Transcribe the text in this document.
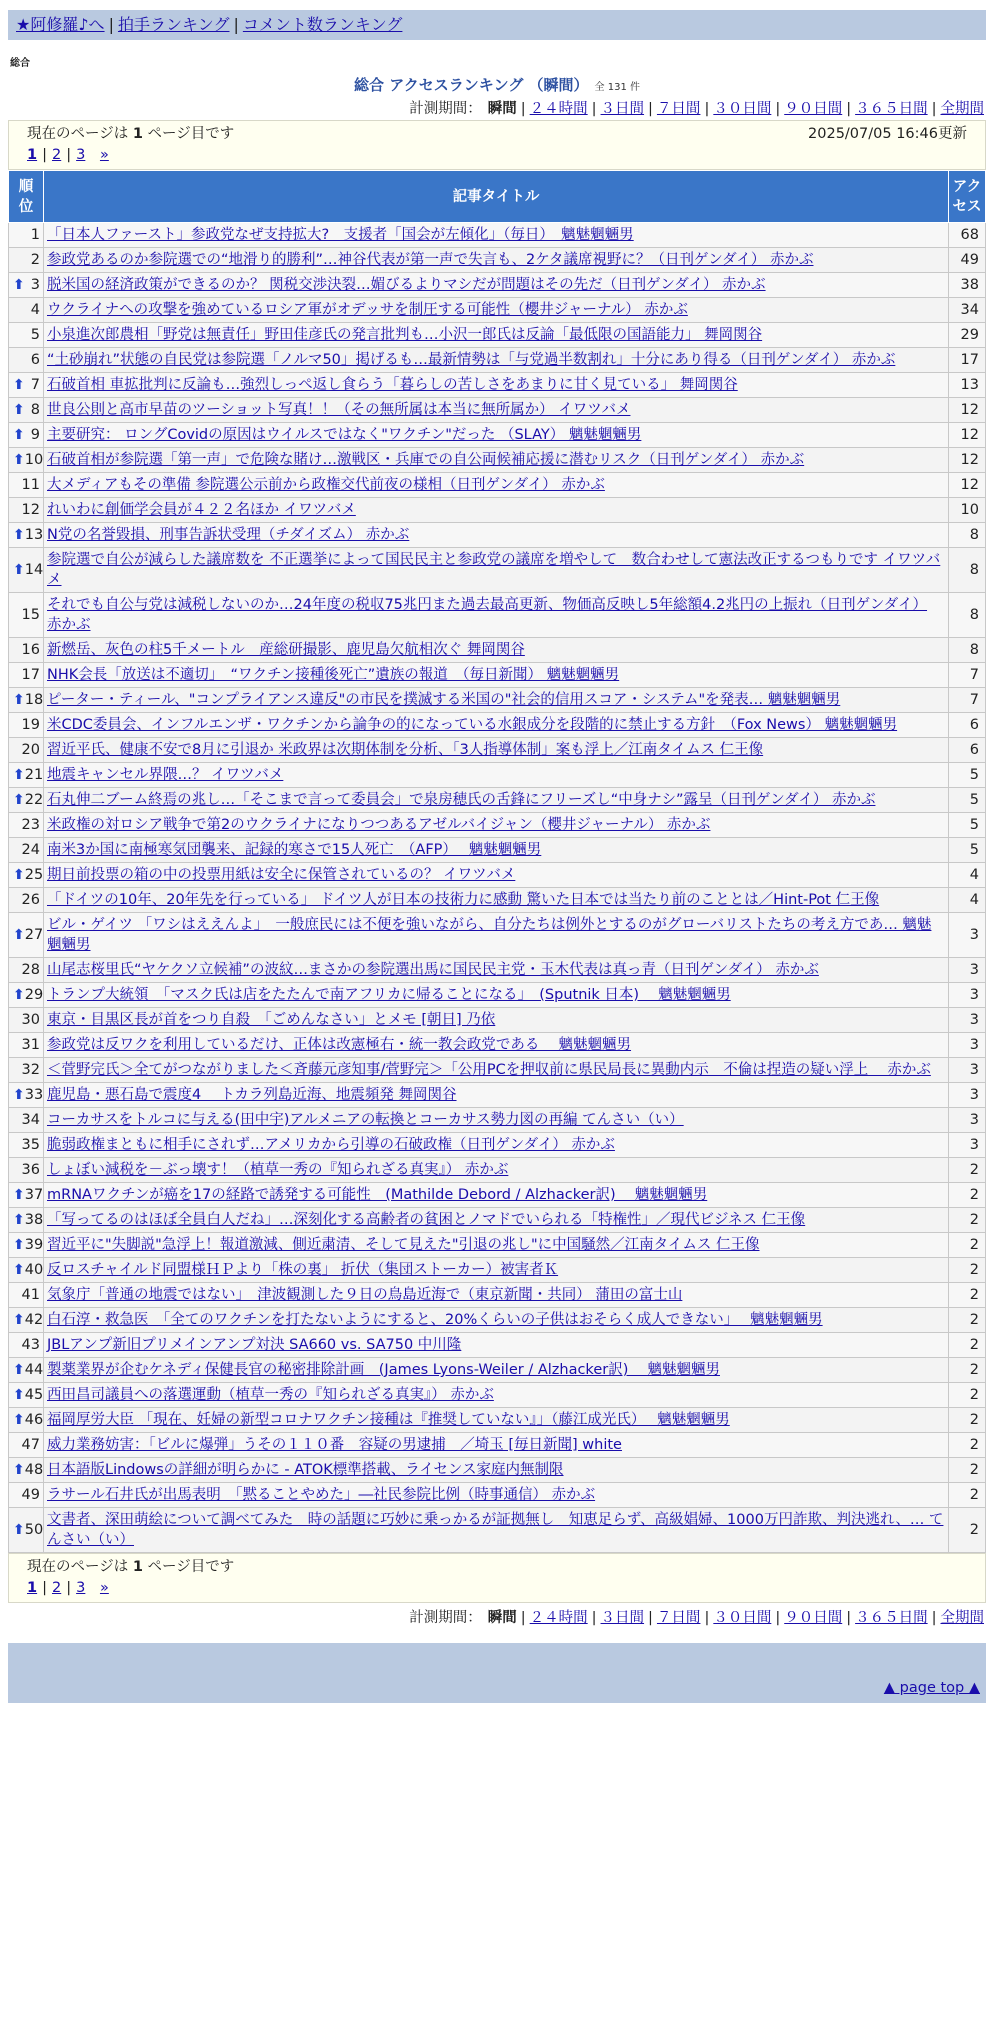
★阿修羅♪へ | 拍手ランキング | コメント数ランキング
総合
総合 アクセスランキング （瞬間） 全 131 件
計測期間： 瞬間 | ２４時間 | ３日間 | ７日間 | ３０日間 | ９０日間 | ３６５日間 | 全期間
現在のページは 1 ページ目です	2025/07/05 16:46更新
1 | 2 | 3 »
順位	記事タイトル	アクセス
1	「日本人ファースト」参政党なぜ支持拡大?　支援者「国会が左傾化」（毎日）　魑魅魍魎男	68
2	参政党あるのか参院選での“地滑り的勝利”…神谷代表が第一声で失言も、2ケタ議席視野に？（日刊ゲンダイ） 赤かぶ	49

⬆ 3	脱米国の経済政策ができるのか？ 関税交渉決裂…媚びるよりマシだが問題はその先だ（日刊ゲンダイ） 赤かぶ	38
4	ウクライナへの攻撃を強めているロシア軍がオデッサを制圧する可能性（櫻井ジャーナル） 赤かぶ	34
5	小泉進次郎農相「野党は無責任」野田佳彦氏の発言批判も…小沢一郎氏は反論「最低限の国語能力」 舞岡関谷	29
6	“土砂崩れ”状態の自民党は参院選「ノルマ50」掲げるも…最新情勢は「与党過半数割れ」十分にあり得る（日刊ゲンダイ） 赤かぶ	17

⬆ 7	石破首相 車拡批判に反論も…強烈しっぺ返し食らう「暮らしの苦しさをあまりに甘く見ている」 舞岡関谷	13

⬆ 8	世良公則と高市早苗のツーショット写真！！（その無所属は本当に無所属か） イワツバメ	12

⬆ 9	主要研究： ロングCovidの原因はウイルスではなく"ワクチン"だった （SLAY） 魑魅魍魎男	12

⬆ 10	石破首相が参院選「第一声」で危険な賭け…激戦区・兵庫での自公両候補応援に潜むリスク（日刊ゲンダイ） 赤かぶ	12
11	大メディアもその準備 参院選公示前から政権交代前夜の様相（日刊ゲンダイ） 赤かぶ	12
12	れいわに創価学会員が４２２名ほか イワツバメ	10

⬆ 13	N党の名誉毀損、刑事告訴状受理（チダイズム） 赤かぶ	8

⬆ 14	参院選で自公が減らした議席数を 不正選挙によって国民民主と参政党の議席を増やして　数合わせして憲法改正するつもりです イワツバメ	8
15	それでも自公与党は減税しないのか…24年度の税収75兆円また過去最高更新、物価高反映し5年総額4.2兆円の上振れ（日刊ゲンダイ） 赤かぶ	8
16	新燃岳、灰色の柱5千メートル　産総研撮影、鹿児島欠航相次ぐ 舞岡関谷	8
17	NHK会長「放送は不適切」　“ワクチン接種後死亡”遺族の報道　（毎日新聞） 魑魅魍魎男	7

⬆ 18	ピーター・ティール、"コンプライアンス違反"の市民を撲滅する米国の"社会的信用スコア・システム"を発表… 魑魅魍魎男	7
19	米CDC委員会、インフルエンザ・ワクチンから論争の的になっている水銀成分を段階的に禁止する方針　（Fox News） 魑魅魍魎男	6
20	習近平氏、健康不安で8月に引退か 米政界は次期体制を分析、「3人指導体制」案も浮上／江南タイムス 仁王像	6

⬆ 21	地震キャンセル界隈…？ イワツバメ	5

⬆ 22	石丸伸二ブーム終焉の兆し…「そこまで言って委員会」で泉房穂氏の舌鋒にフリーズし“中身ナシ”露呈（日刊ゲンダイ） 赤かぶ	5
23	米政権の対ロシア戦争で第2のウクライナになりつつあるアゼルバイジャン（櫻井ジャーナル） 赤かぶ	5
24	南米3か国に南極寒気団襲来、記録的寒さで15人死亡　（AFP）　 魑魅魍魎男	5

⬆ 25	期日前投票の箱の中の投票用紙は安全に保管されているの？ イワツバメ	4
26	「ドイツの10年、20年先を行っている」 ドイツ人が日本の技術力に感動 驚いた日本では当たり前のこととは／Hint-Pot 仁王像	4

⬆ 27	ビル・ゲイツ 「ワシはええんよ」　一般庶民には不便を強いながら、自分たちは例外とするのがグローバリストたちの考え方であ… 魑魅魍魎男	3
28	山尾志桜里氏“ヤケクソ立候補”の波紋…まさかの参院選出馬に国民民主党・玉木代表は真っ青（日刊ゲンダイ） 赤かぶ	3

⬆ 29	トランプ大統領　「マスク氏は店をたたんで南アフリカに帰ることになる」　(Sputnik 日本)　 魑魅魍魎男	3
30	東京・目黒区長が首をつり自殺　「ごめんなさい」とメモ [朝日] 乃依	3
31	参政党は反ワクを利用しているだけ、正体は改憲極右・統一教会政党である　 魑魅魍魎男	3
32	＜菅野完氏＞全てがつながりました＜斉藤元彦知事/菅野完＞「公用PCを押収前に県民局長に異動内示　不倫は捏造の疑い浮上　 赤かぶ	3

⬆ 33	鹿児島・悪石島で震度4　 トカラ列島近海、地震頻発 舞岡関谷	3
34	コーカサスをトルコに与える(田中宇)アルメニアの転換とコーカサス勢力図の再編 てんさい（い）	3
35	脆弱政権まともに相手にされず…アメリカから引導の石破政権（日刊ゲンダイ） 赤かぶ	3
36	しょぼい減税を－ぶっ壊す！（植草一秀の『知られざる真実』） 赤かぶ	2

⬆ 37	mRNAワクチンが癌を17の経路で誘発する可能性　(Mathilde Debord / Alzhacker訳)　 魑魅魍魎男	2

⬆ 38	「写ってるのはほぼ全員白人だね」…深刻化する高齢者の貧困とノマドでいられる「特権性」／現代ビジネス 仁王像	2

⬆ 39	習近平に"失脚説"急浮上！報道激減、側近粛清、そして見えた"引退の兆し"に中国騒然／江南タイムス 仁王像	2

⬆ 40	反ロスチャイルド同盟様ＨＰより「株の裏」 折伏（集団ストーカー）被害者Ｋ	2
41	気象庁「普通の地震ではない」　津波観測した９日の鳥島近海で（東京新聞・共同） 蒲田の富士山	2

⬆ 42	白石淳・救急医　「全てのワクチンを打たないようにすると、20%くらいの子供はおそらく成人できない」　 魑魅魍魎男	2
43	JBLアンプ新旧プリメインアンプ対決 SA660 vs. SA750 中川隆	2

⬆ 44	製薬業界が企むケネディ保健長官の秘密排除計画　(James Lyons-Weiler / Alzhacker訳)　 魑魅魍魎男	2

⬆ 45	西田昌司議員への落選運動（植草一秀の『知られざる真実』） 赤かぶ	2

⬆ 46	福岡厚労大臣 「現在、妊婦の新型コロナワクチン接種は『推奨していない』」（藤江成光氏）　 魑魅魍魎男	2
47	威力業務妨害：「ビルに爆弾」うその１１０番　容疑の男逮捕　／埼玉 [毎日新聞] white	2

⬆ 48	日本語版Lindowsの詳細が明らかに - ATOK標準搭載、ライセンス家庭内無制限	2
49	ラサール石井氏が出馬表明　「黙ることやめた」―社民参院比例（時事通信） 赤かぶ	2

⬆ 50	文書者、深田萌絵について調べてみた　時の話題に巧妙に乗っかるが証拠無し　知恵足らず、高級娼婦、1000万円詐欺、判決逃れ、… てんさい（い）	2
現在のページは 1 ページ目です
1 | 2 | 3 »
計測期間： 瞬間 | ２４時間 | ３日間 | ７日間 | ３０日間 | ９０日間 | ３６５日間 | 全期間
▲ page top ▲
